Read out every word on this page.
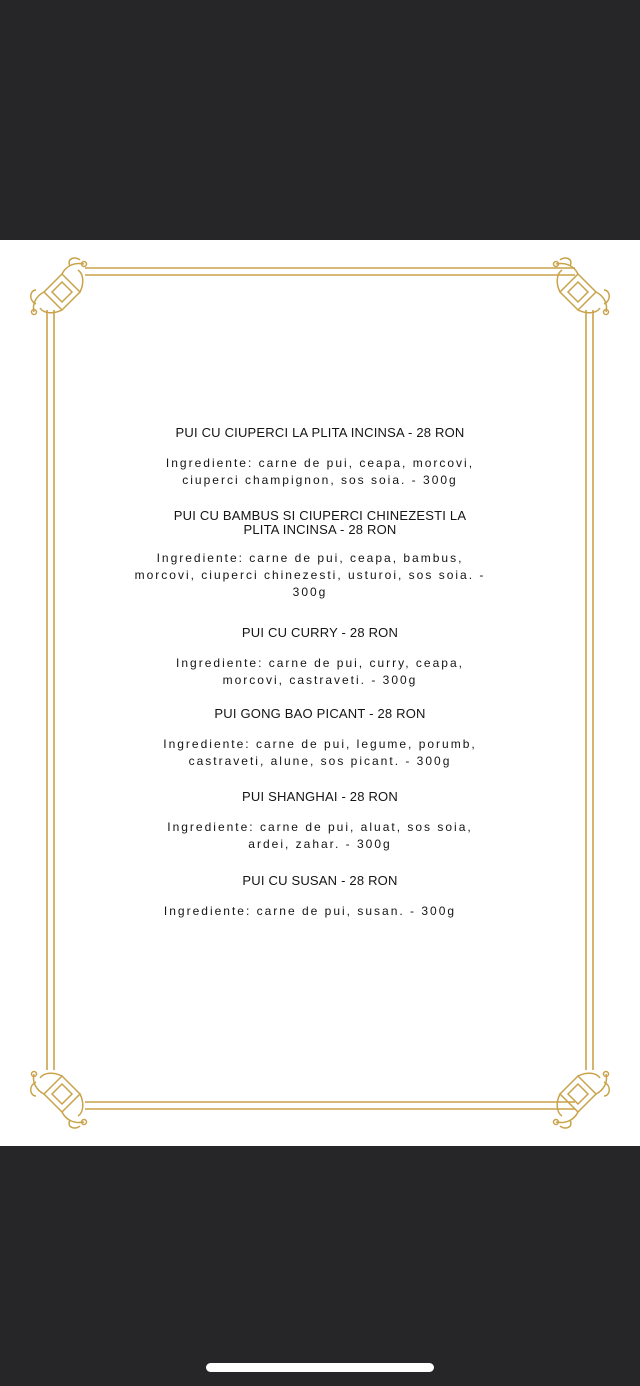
PUI CU CIUPERCI LA PLITA INCINSA - 28 RON

Ingrediente: carne de pui, ceapa, morcovi, ciuperci champignon, sos soia. - 300g

PUI CU BAMBUS SI CIUPERCI CHINEZESTI LA PLITA INCINSA - 28 RON

Ingrediente: carne de pui, ceapa, bambus, morcovi, ciuperci chinezesti, usturoi, sos soia. - 300g

PUI CU CURRY - 28 RON

Ingrediente: carne de pui, curry, ceapa, morcovi, castraveti. - 300g

PUI GONG BAO PICANT - 28 RON

Ingrediente: carne de pui, legume, porumb, castraveti, alune, sos picant. - 300g

PUI SHANGHAI - 28 RON

Ingrediente: carne de pui, aluat, sos soia, ardei, zahar. - 300g

PUI CU SUSAN - 28 RON

Ingrediente: carne de pui, susan. - 300g
